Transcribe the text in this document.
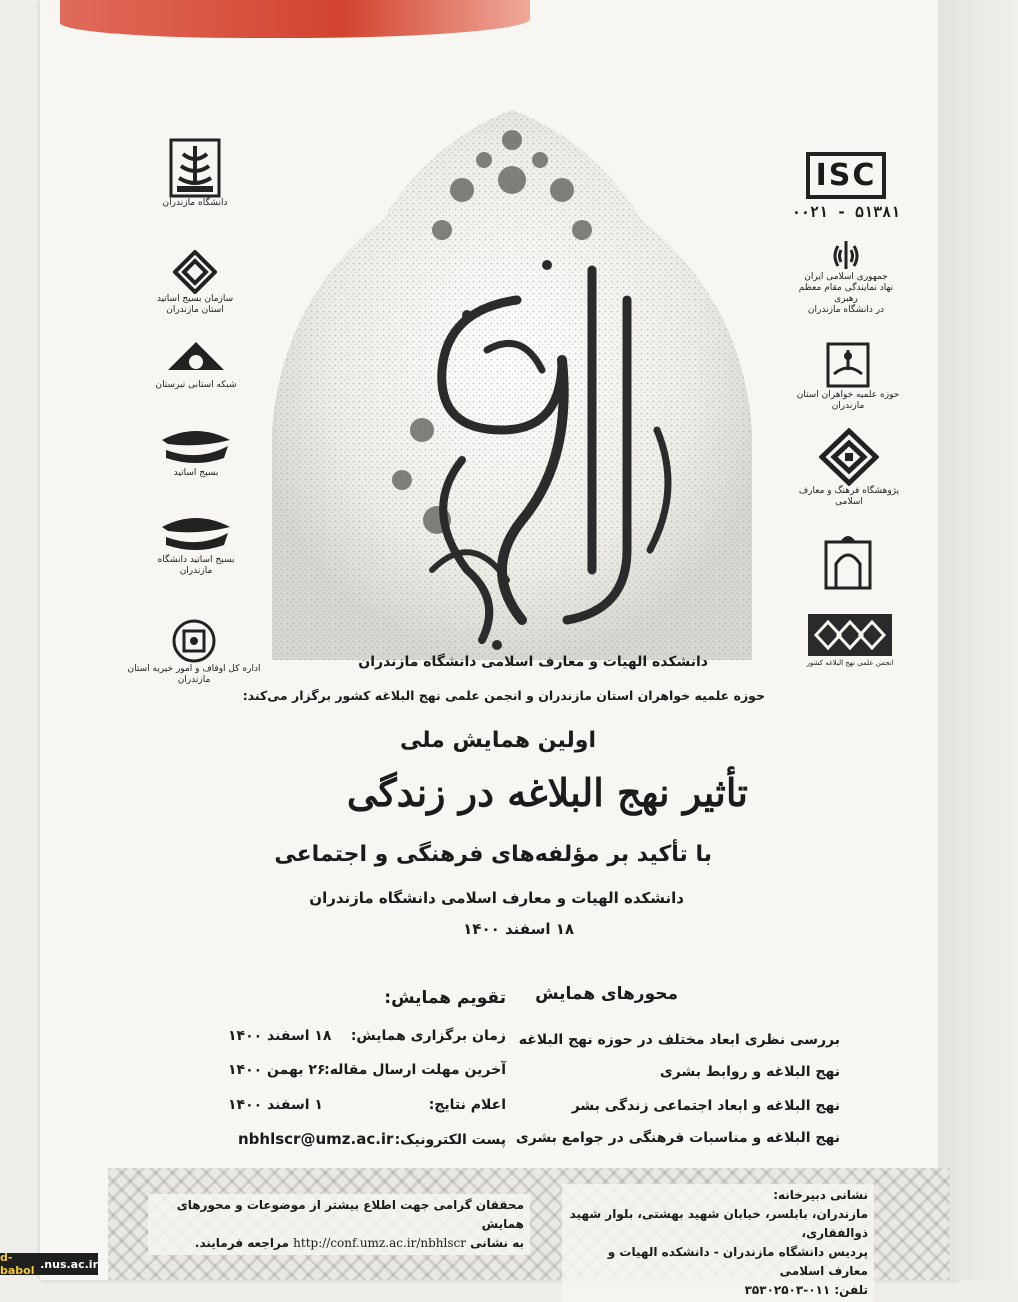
دانشگاه مازندران
سازمان بسیج اساتید استان مازندران
شبکه استانی تبرستان
بسیج اساتید
بسیج اساتید دانشگاه مازندران
اداره کل اوقاف و امور خیریه استان مازندران
ISC
۵۱۳۸۱ - ۰۰۲۱
جمهوری اسلامی ایران
نهاد نمایندگی مقام معظم رهبری
در دانشگاه مازندران
حوزه علمیه خواهران استان مازندران
پژوهشگاه فرهنگ و معارف اسلامی
انجمن علمی نهج البلاغه کشور
دانشکده الهیات و معارف اسلامی دانشگاه مازندران
حوزه علمیه خواهران استان مازندران و انجمن علمی نهج البلاغه کشور برگزار می‌کند:
اولین همایش ملی
تأثیر نهج البلاغه در زندگی
با تأکید بر مؤلفه‌های فرهنگی و اجتماعی
دانشکده الهیات و معارف اسلامی دانشگاه مازندران
۱۸ اسفند ۱۴۰۰
محورهای همایش
بررسی نظری ابعاد مختلف در حوزه نهج البلاغه
نهج البلاغه و روابط بشری
نهج البلاغه و ابعاد اجتماعی زندگی بشر
نهج البلاغه و مناسبات فرهنگی در جوامع بشری
تقویم همایش:
زمان برگزاری همایش:
۱۸ اسفند ۱۴۰۰
آخرین مهلت ارسال مقاله:
۲۶ بهمن ۱۴۰۰
اعلام نتایج:
۱ اسفند ۱۴۰۰
پست الکترونیک:
nbhlscr@umz.ac.ir
نشانی دبیرخانه:
مازندران، بابلسر، خیابان شهید بهشتی، بلوار شهید ذوالفقاری،
پردیس دانشگاه مازندران - دانشکده الهیات و معارف اسلامی
تلفن: ۰۱۱-۳۵۳۰۲۵۰۳
محققان گرامی جهت اطلاع بیشتر از موضوعات و محورهای همایش
به نشانی http://conf.umz.ac.ir/nbhlscr مراجعه فرمایند.
d-babol .nus.ac.ir
